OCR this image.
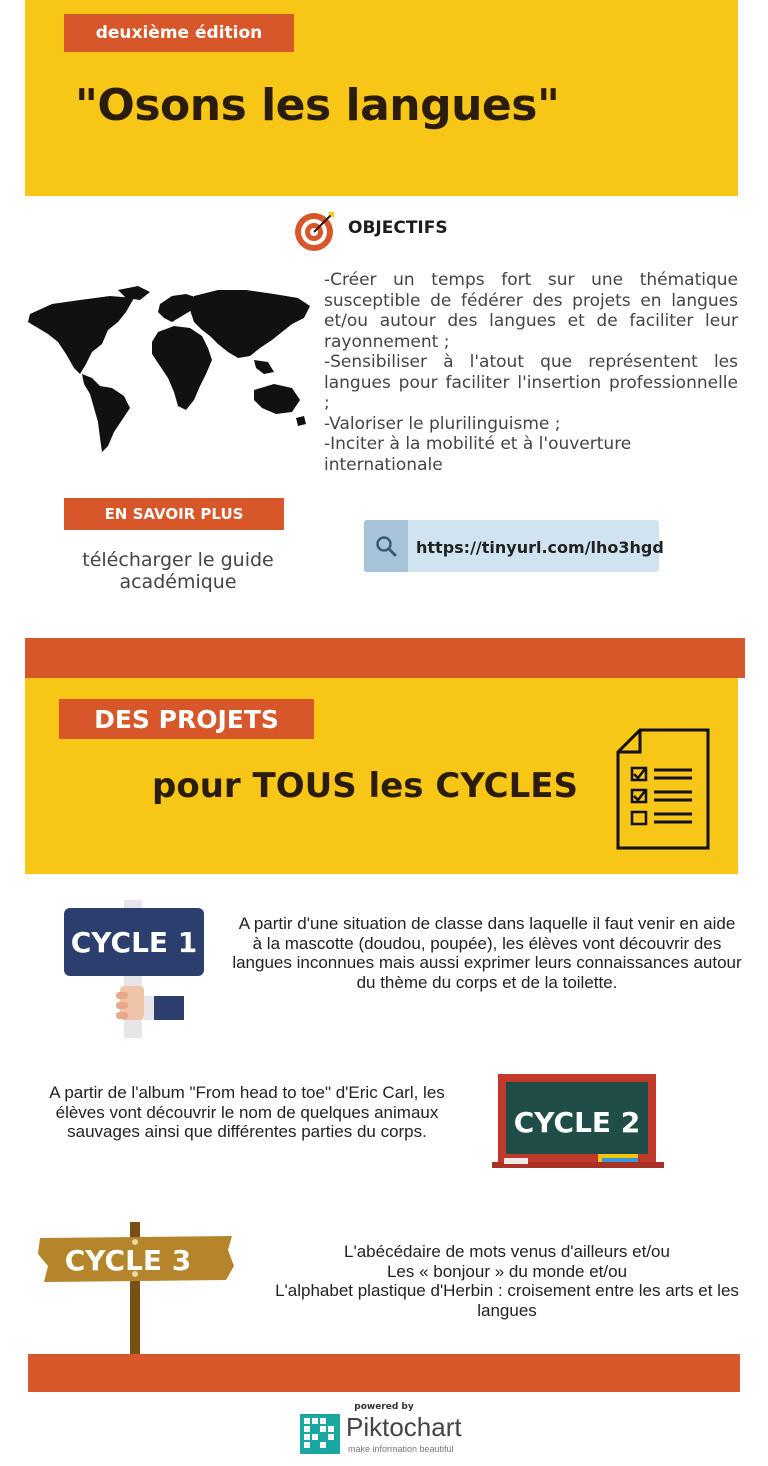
deuxième édition
"Osons les langues"
OBJECTIFS
-Créer un temps fort sur une thématique susceptible de fédérer des projets en langues et/ou autour des langues et de faciliter leur rayonnement ;
-Sensibiliser à l'atout que représentent les langues pour faciliter l'insertion professionnelle ;
-Valoriser le plurilinguisme ;
-Inciter à la mobilité et à l'ouverture internationale
EN SAVOIR PLUS
télécharger le guide académique
https://tinyurl.com/lho3hgd
DES PROJETS
pour TOUS les CYCLES
CYCLE 1
A partir d'une situation de classe dans laquelle il faut venir en aide à la mascotte (doudou, poupée), les élèves vont découvrir des langues inconnues mais aussi exprimer leurs connaissances autour du thème du corps et de la toilette.
A partir de l'album "From head to toe" d'Eric Carl, les élèves vont découvrir le nom de quelques animaux sauvages ainsi que différentes parties du corps.	CYCLE 2
CYCLE 3	L'abécédaire de mots venus d'ailleurs et/ou
Les « bonjour » du monde et/ou
L'alphabet plastique d'Herbin : croisement entre les arts et les langues
powered by
Piktochart
make information beautiful
